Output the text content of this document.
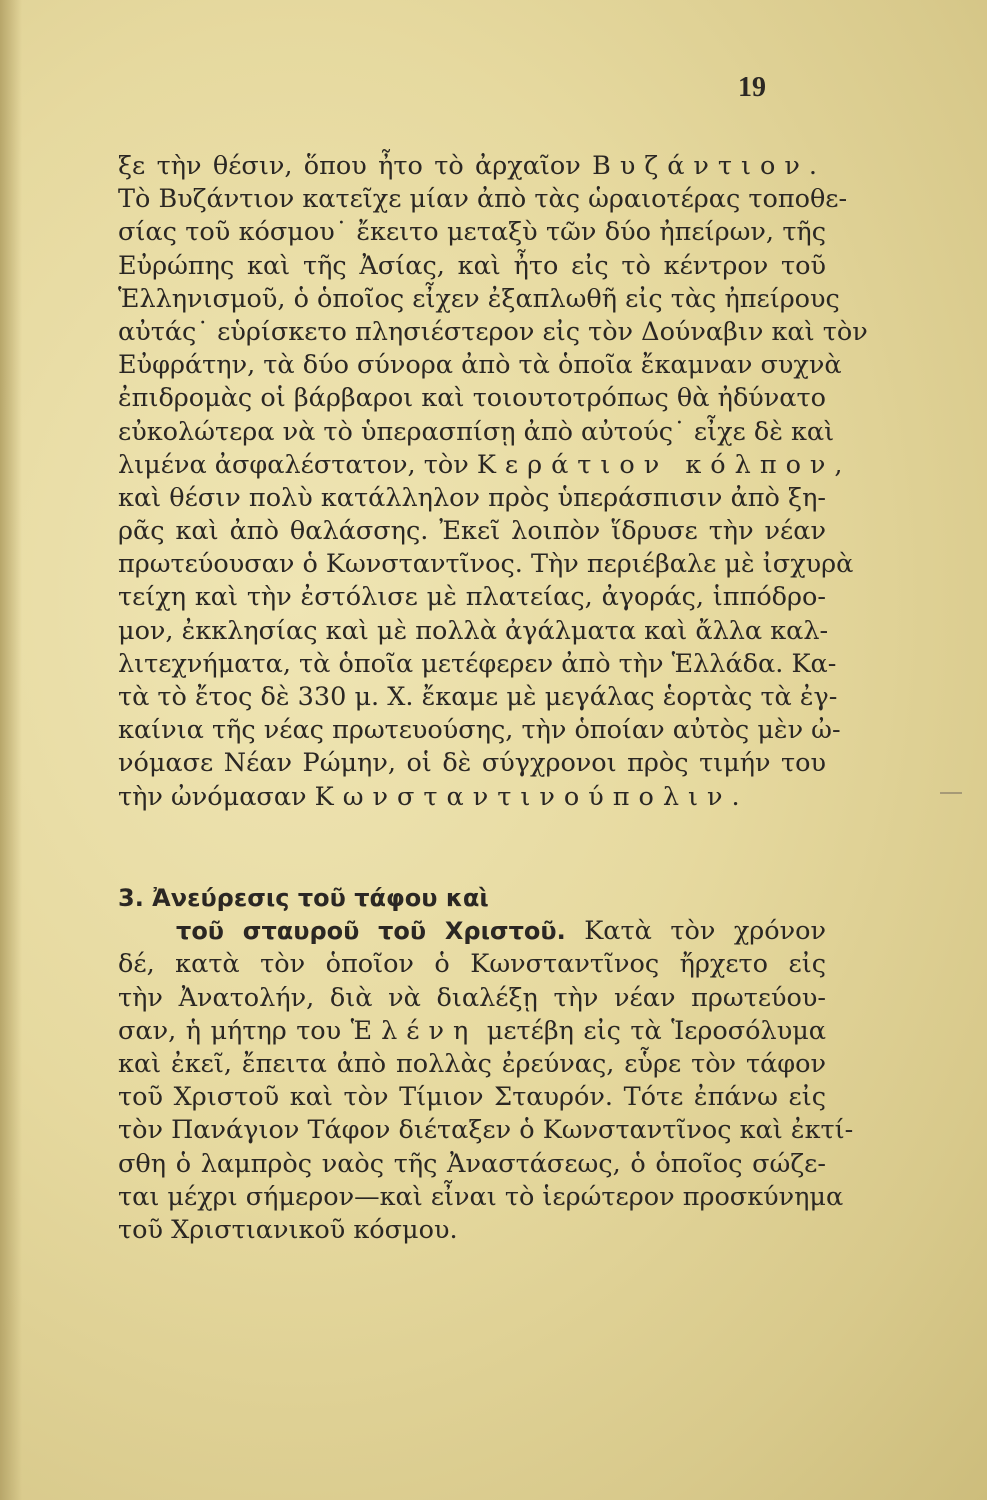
19
ξε τὴν θέσιν, ὅπου ἦτο τὸ ἀρχαῖον Βυζάντιον.
Τὸ Βυζάντιον κατεῖχε μίαν ἀπὸ τὰς ὡραιοτέρας τοποθε-
σίας τοῦ κόσμου˙ ἔκειτο μεταξὺ τῶν δύο ἠπείρων, τῆς
Εὐρώπης καὶ τῆς Ἀσίας, καὶ ἦτο εἰς τὸ κέντρον τοῦ
Ἑλληνισμοῦ, ὁ ὁποῖος εἶχεν ἐξαπλωθῆ εἰς τὰς ἠπείρους
αὐτάς˙ εὑρίσκετο πλησιέστερον εἰς τὸν Δούναβιν καὶ τὸν
Εὐφράτην, τὰ δύο σύνορα ἀπὸ τὰ ὁποῖα ἔκαμναν συχνὰ
ἐπιδρομὰς οἱ βάρβαροι καὶ τοιουτοτρόπως θὰ ἠδύνατο
εὐκολώτερα νὰ τὸ ὑπερασπίσῃ ἀπὸ αὐτούς˙ εἶχε δὲ καὶ
λιμένα ἀσφαλέστατον, τὸν Κεράτιον κόλπον,
καὶ θέσιν πολὺ κατάλληλον πρὸς ὑπεράσπισιν ἀπὸ ξη-
ρᾶς καὶ ἀπὸ θαλάσσης. Ἐκεῖ λοιπὸν ἵδρυσε τὴν νέαν
πρωτεύουσαν ὁ Κωνσταντῖνος. Τὴν περιέβαλε μὲ ἰσχυρὰ
τείχη καὶ τὴν ἐστόλισε μὲ πλατείας, ἀγοράς, ἱππόδρο-
μον, ἐκκλησίας καὶ μὲ πολλὰ ἀγάλματα καὶ ἄλλα καλ-
λιτεχνήματα, τὰ ὁποῖα μετέφερεν ἀπὸ τὴν Ἑλλάδα. Κα-
τὰ τὸ ἔτος δὲ 330 μ. Χ. ἔκαμε μὲ μεγάλας ἑορτὰς τὰ ἐγ-
καίνια τῆς νέας πρωτευούσης, τὴν ὁποίαν αὐτὸς μὲν ὠ-
νόμασε Νέαν Ρώμην, οἱ δὲ σύγχρονοι πρὸς τιμήν του
τὴν ὠνόμασαν Κωνσταντινούπολιν.
3. Ἀνεύρεσις τοῦ τάφου καὶ
τοῦ σταυροῦ τοῦ Χριστοῦ. Κατὰ τὸν χρόνον
δέ, κατὰ τὸν ὁποῖον ὁ Κωνσταντῖνος ἤρχετο εἰς
τὴν Ἀνατολήν, διὰ νὰ διαλέξῃ τὴν νέαν πρωτεύου-
σαν, ἡ μήτηρ του Ἑλένη μετέβη εἰς τὰ Ἱεροσόλυμα
καὶ ἐκεῖ, ἔπειτα ἀπὸ πολλὰς ἐρεύνας, εὗρε τὸν τάφον
τοῦ Χριστοῦ καὶ τὸν Τίμιον Σταυρόν. Τότε ἐπάνω εἰς
τὸν Πανάγιον Τάφον διέταξεν ὁ Κωνσταντῖνος καὶ ἐκτί-
σθη ὁ λαμπρὸς ναὸς τῆς Ἀναστάσεως, ὁ ὁποῖος σώζε-
ται μέχρι σήμερον—καὶ εἶναι τὸ ἱερώτερον προσκύνημα
τοῦ Χριστιανικοῦ κόσμου.
